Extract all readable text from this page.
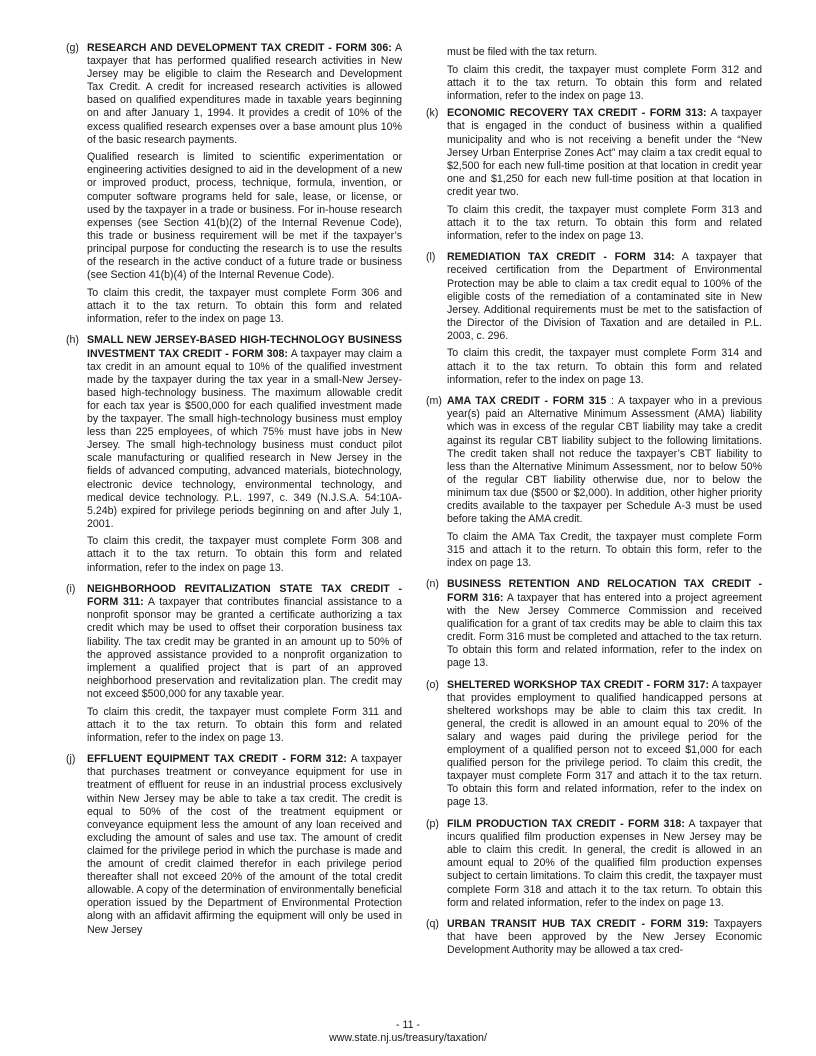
(g) RESEARCH AND DEVELOPMENT TAX CREDIT - FORM 306: A taxpayer that has performed qualified research activities in New Jersey may be eligible to claim the Research and Development Tax Credit. A credit for increased research activities is allowed based on qualified expenditures made in taxable years beginning on and after January 1, 1994. It provides a credit of 10% of the excess qualified research expenses over a base amount plus 10% of the basic research payments.

Qualified research is limited to scientific experimentation or engineering activities designed to aid in the development of a new or improved product, process, technique, formula, invention, or computer software programs held for sale, lease, or license, or used by the taxpayer in a trade or business. For in-house research expenses (see Section 41(b)(2) of the Internal Revenue Code), this trade or business requirement will be met if the taxpayer’s principal purpose for conducting the research is to use the results of the research in the active conduct of a future trade or business (see Section 41(b)(4) of the Internal Revenue Code).

To claim this credit, the taxpayer must complete Form 306 and attach it to the tax return. To obtain this form and related information, refer to the index on page 13.

(h) SMALL NEW JERSEY-BASED HIGH-TECHNOLOGY BUSINESS INVESTMENT TAX CREDIT - FORM 308: A taxpayer may claim a tax credit in an amount equal to 10% of the qualified investment made by the taxpayer during the tax year in a small-New Jersey-based high-technology business. The maximum allowable credit for each tax year is $500,000 for each qualified investment made by the taxpayer. The small high-technology business must employ less than 225 employees, of which 75% must have jobs in New Jersey. The small high-technology business must conduct pilot scale manufacturing or qualified research in New Jersey in the fields of advanced computing, advanced materials, biotechnology, electronic device technology, environmental technology, and medical device technology. P.L. 1997, c. 349 (N.J.S.A. 54:10A-5.24b) expired for privilege periods beginning on and after July 1, 2001.

To claim this credit, the taxpayer must complete Form 308 and attach it to the tax return. To obtain this form and related information, refer to the index on page 13.

(i)	NEIGHBORHOOD REVITALIZATION STATE TAX CREDIT - FORM 311: A taxpayer that contributes financial assistance to a nonprofit sponsor may be granted a certificate authorizing a tax credit which may be used to offset their corporation business tax liability. The tax credit may be granted in an amount up to 50% of the approved assistance provided to a nonprofit organization to implement a qualified project that is part of an approved neighborhood preservation and revitalization plan. The credit may not exceed $500,000 for any taxable year.

To claim this credit, the taxpayer must complete Form 311 and attach it to the tax return. To obtain this form and related information, refer to the index on page 13.

(j)	EFFLUENT EQUIPMENT TAX CREDIT - FORM 312: A taxpayer that purchases treatment or conveyance equipment for use in treatment of effluent for reuse in an industrial process exclusively within New Jersey may be able to take a tax credit. The credit is equal to 50% of the cost of the treatment equipment or conveyance equipment less the amount of any loan received and excluding the amount of sales and use tax. The amount of credit claimed for the privilege period in which the purchase is made and the amount of credit claimed therefor in each privilege period thereafter shall not exceed 20% of the amount of the total credit allowable. A copy of the determination of environmentally beneficial operation issued by the Department of Environmental Protection along with an affidavit affirming the equipment will only be used in New Jersey

must be filed with the tax return.

To claim this credit, the taxpayer must complete Form 312 and attach it to the tax return. To obtain this form and related information, refer to the index on page 13.

(k) ECONOMIC RECOVERY TAX CREDIT - FORM 313: A taxpayer that is engaged in the conduct of business within a qualified municipality and who is not receiving a benefit under the “New Jersey Urban Enterprise Zones Act” may claim a tax credit equal to $2,500 for each new full-time position at that location in credit year one and $1,250 for each new full-time position at that location in credit year two.

To claim this credit, the taxpayer must complete Form 313 and attach it to the tax return. To obtain this form and related information, refer to the index on page 13.

(l)	REMEDIATION TAX CREDIT - FORM 314: A taxpayer that received certification from the Department of Environmental Protection may be able to claim a tax credit equal to 100% of the eligible costs of the remediation of a contaminated site in New Jersey. Additional requirements must be met to the satisfaction of the Director of the Division of Taxation and are detailed in P.L. 2003, c. 296.

To claim this credit, the taxpayer must complete Form 314 and attach it to the tax return. To obtain this form and related information, refer to the index on page 13.

(m) AMA TAX CREDIT - FORM 315 : A taxpayer who in a previous year(s) paid an Alternative Minimum Assessment (AMA) liability which was in excess of the regular CBT liability may take a credit against its regular CBT liability subject to the following limitations. The credit taken shall not reduce the taxpayer’s CBT liability to less than the Alternative Minimum Assessment, nor to below 50% of the regular CBT liability otherwise due, nor to below the minimum tax due ($500 or $2,000). In addition, other higher priority credits available to the taxpayer per Schedule A-3 must be used before taking the AMA credit.

To claim the AMA Tax Credit, the taxpayer must complete Form 315 and attach it to the return. To obtain this form, refer to the index on page 13.

(n) BUSINESS RETENTION AND RELOCATION TAX CREDIT - FORM 316: A taxpayer that has entered into a project agreement with the New Jersey Commerce Commission and received qualification for a grant of tax credits may be able to claim this tax credit. Form 316 must be completed and attached to the tax return. To obtain this form and related information, refer to the index on page 13.

(o) SHELTERED WORKSHOP TAX CREDIT - FORM 317: A taxpayer that provides employment to qualified handicapped persons at sheltered workshops may be able to claim this tax credit. In general, the credit is allowed in an amount equal to 20% of the salary and wages paid during the privilege period for the employment of a qualified person not to exceed $1,000 for each qualified person for the privilege period. To claim this credit, the taxpayer must complete Form 317 and attach it to the tax return. To obtain this form and related information, refer to the index on page 13.

(p) FILM PRODUCTION TAX CREDIT - FORM 318: A taxpayer that incurs qualified film production expenses in New Jersey may be able to claim this credit. In general, the credit is allowed in an amount equal to 20% of the qualified film production expenses subject to certain limitations. To claim this credit, the taxpayer must complete Form 318 and attach it to the tax return. To obtain this form and related information, refer to the index on page 13.

(q) URBAN TRANSIT HUB TAX CREDIT - FORM 319: Taxpayers that have been approved by the New Jersey Economic Development Authority may be allowed a tax cred-

- 11 -
www.state.nj.us/treasury/taxation/
